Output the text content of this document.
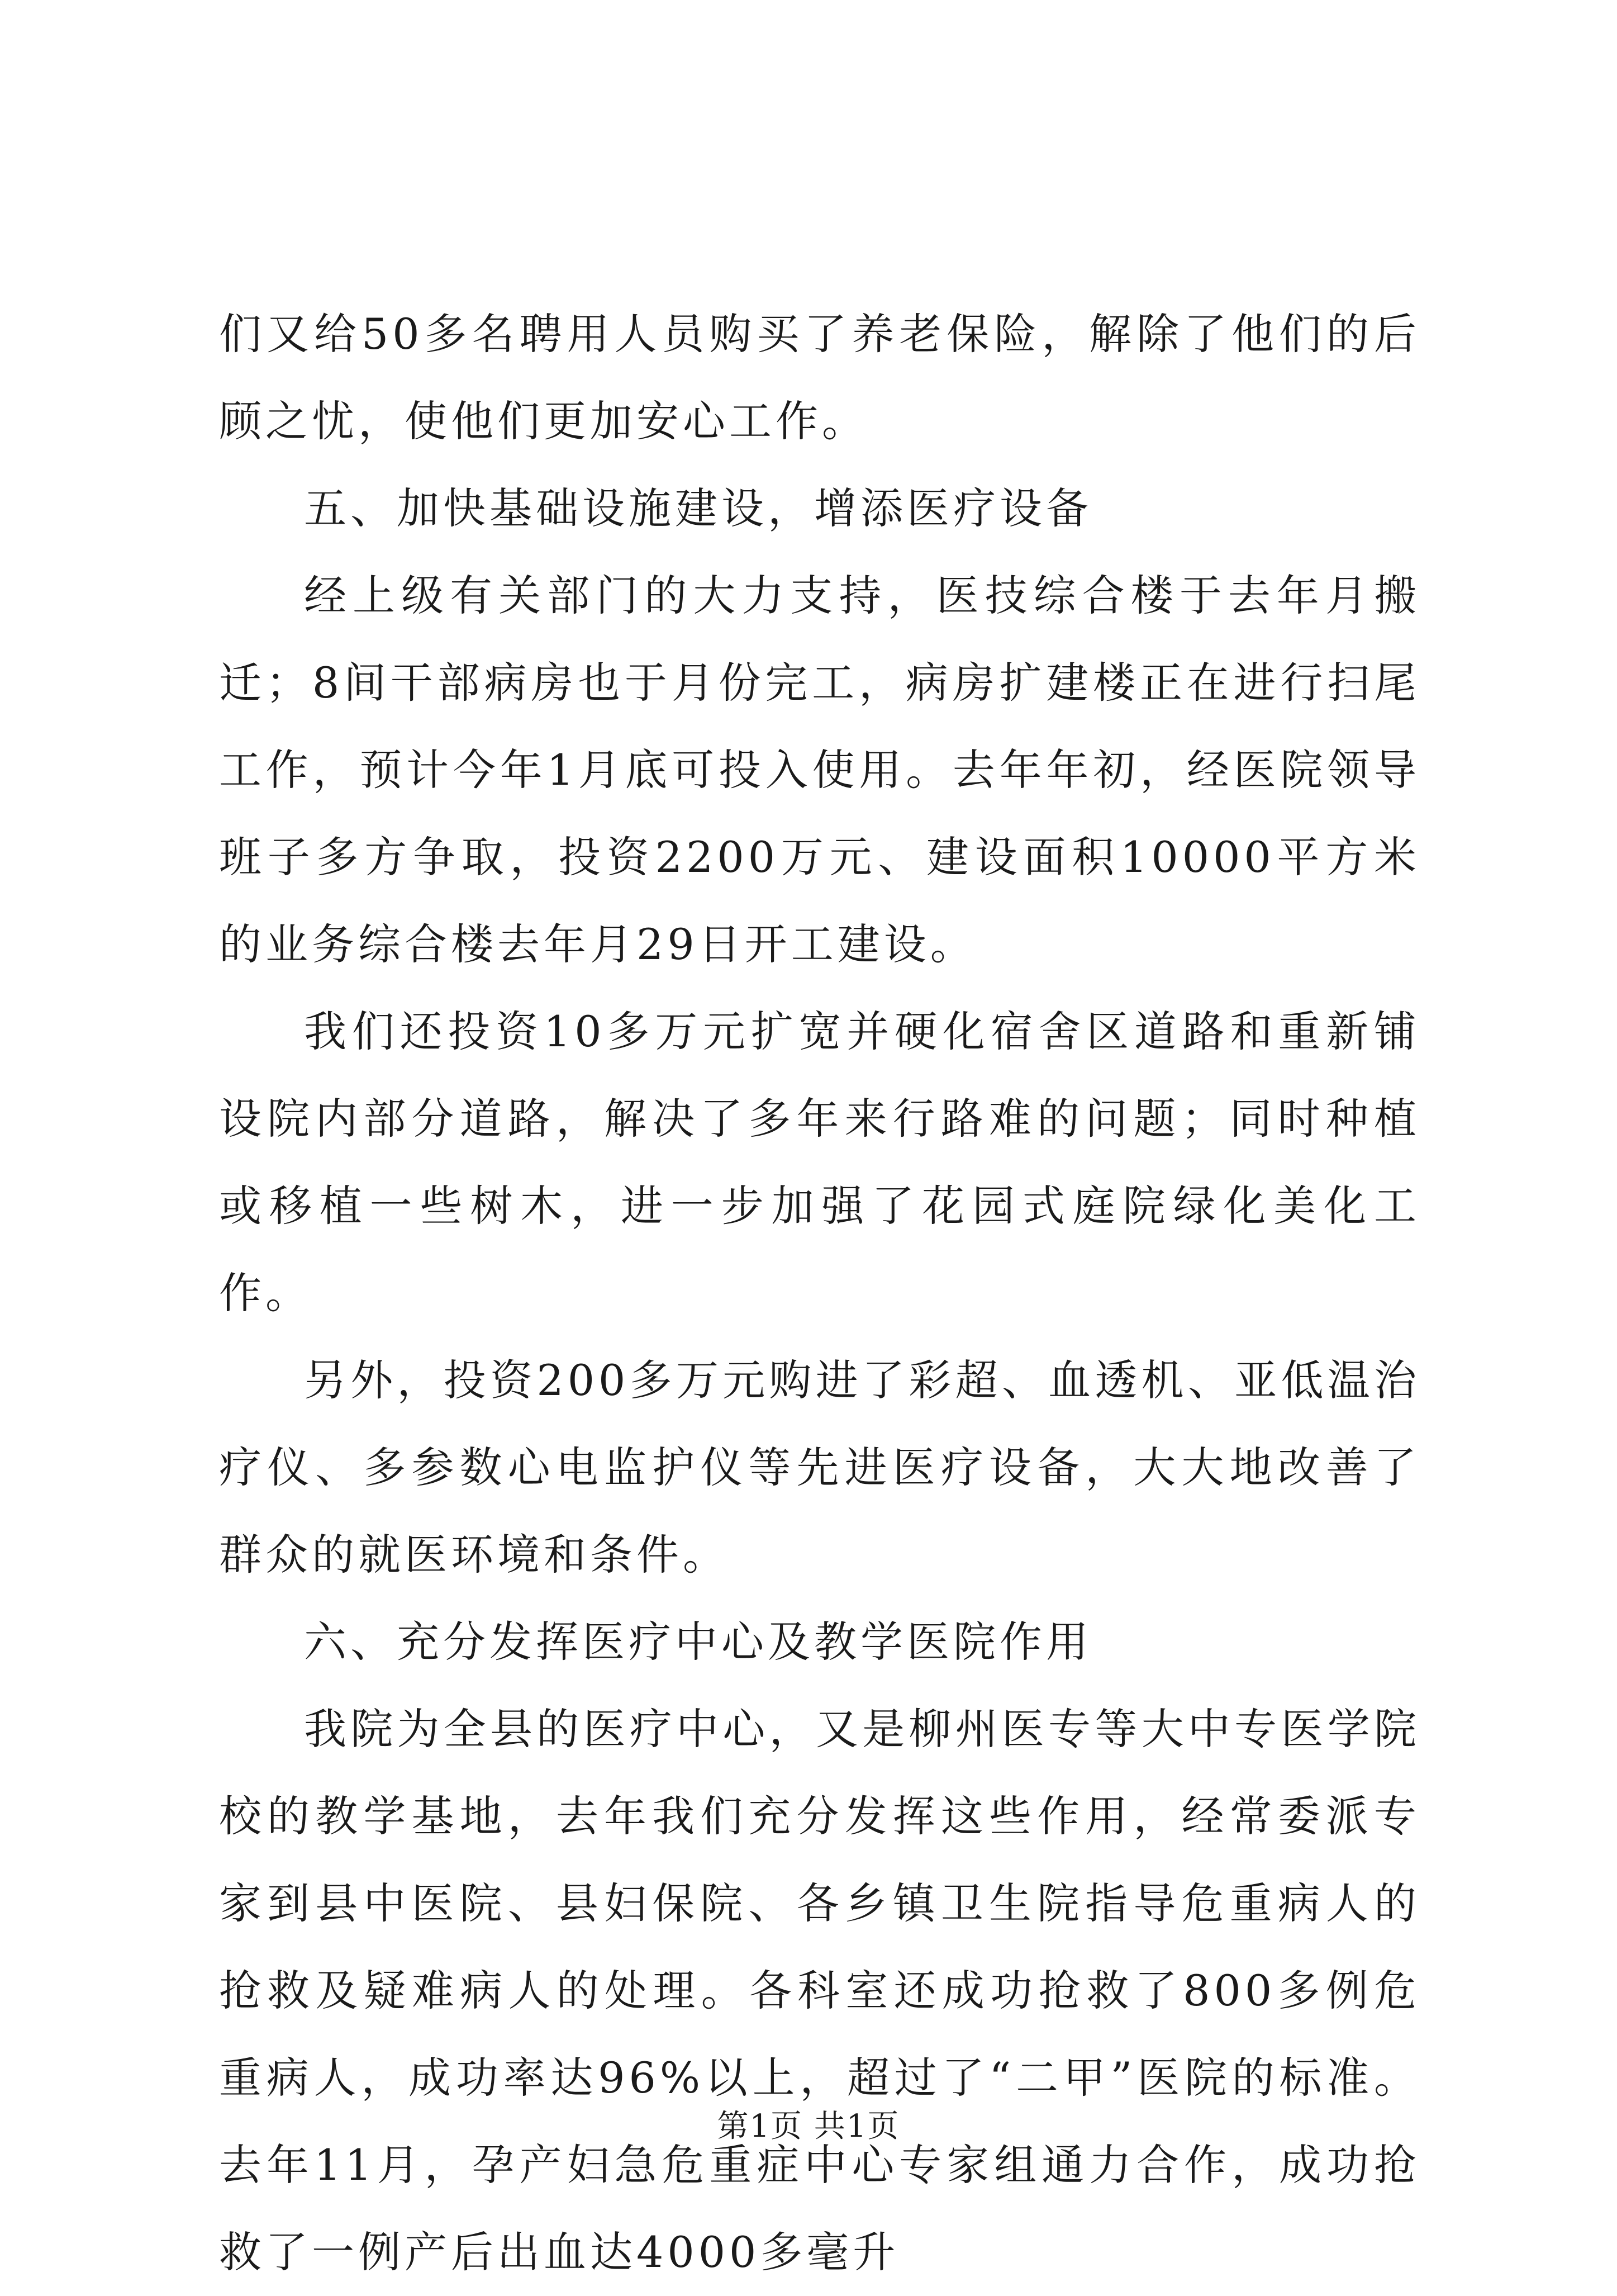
们又给50多名聘用人员购买了养老保险，解除了他们的后顾之忧，使他们更加安心工作。

五、加快基础设施建设，增添医疗设备

经上级有关部门的大力支持，医技综合楼于去年月搬迁；8间干部病房也于月份完工，病房扩建楼正在进行扫尾工作，预计今年1月底可投入使用。去年年初，经医院领导班子多方争取，投资2200万元、建设面积10000平方米的业务综合楼去年月29日开工建设。

我们还投资10多万元扩宽并硬化宿舍区道路和重新铺设院内部分道路，解决了多年来行路难的问题；同时种植或移植一些树木，进一步加强了花园式庭院绿化美化工作。

另外，投资200多万元购进了彩超、血透机、亚低温治疗仪、多参数心电监护仪等先进医疗设备，大大地改善了群众的就医环境和条件。

六、充分发挥医疗中心及教学医院作用

我院为全县的医疗中心，又是柳州医专等大中专医学院校的教学基地，去年我们充分发挥这些作用，经常委派专家到县中医院、县妇保院、各乡镇卫生院指导危重病人的抢救及疑难病人的处理。各科室还成功抢救了800多例危重病人，成功率达96%以上，超过了“二甲”医院的标准。去年11月，孕产妇急危重症中心专家组通力合作，成功抢救了一例产后出血达4000多毫升

第1页 共1页
